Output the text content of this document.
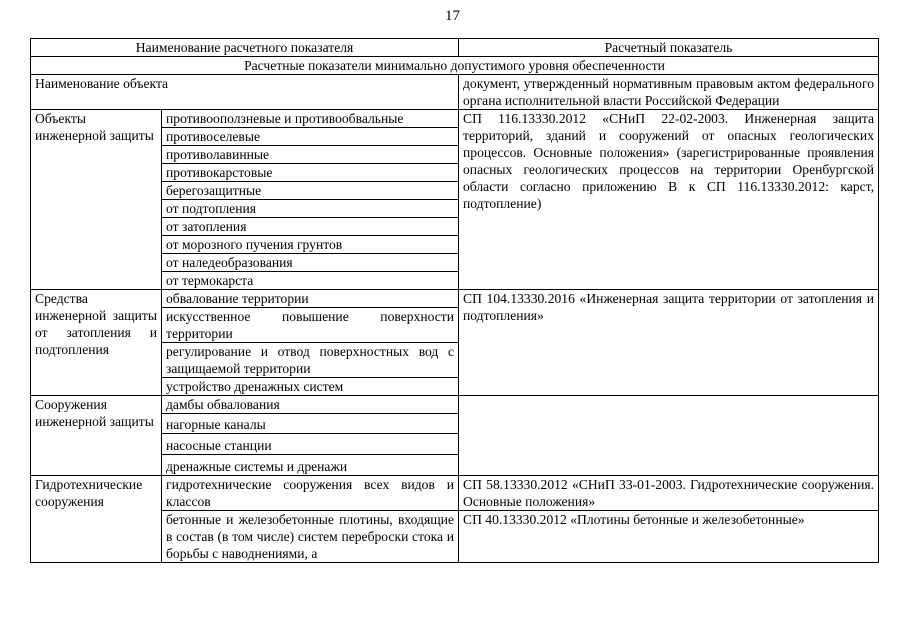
17
Наименование расчетного показателя		Расчетный показатель
Расчетные показатели минимально допустимого уровня обеспеченности		
Наименование объекта		документ, утвержденный нормативным правовым актом федерального органа исполнительной власти Российской Федерации
Объекты инженерной защиты	противооползневые и противообвальные	СП 116.13330.2012 «СНиП 22-02-2003. Инженерная защита территорий, зданий и сооружений от опасных геологических процессов. Основные положения» (зарегистрированные проявления опасных геологических процессов на территории Оренбургской области согласно приложению В к СП 116.13330.2012: карст, подтопление)
	противоселевые	
	противолавинные	
	противокарстовые	
	берегозащитные	
	от подтопления	
	от затопления	
	от морозного пучения грунтов	
	от наледеобразования	
	от термокарста	
Средства инженерной защиты от затопления и подтопления	обвалование территории	СП 104.13330.2016 «Инженерная защита территории от затопления и подтопления»
	искусственное повышение поверхности территории	
	регулирование и отвод поверхностных вод с защищаемой территории	
	устройство дренажных систем	
Сооружения инженерной защиты	дамбы обвалования	
	нагорные каналы	
	насосные станции	
	дренажные системы и дренажи	
Гидротехнические сооружения	гидротехнические сооружения всех видов и классов	СП 58.13330.2012 «СНиП 33-01-2003. Гидротехнические сооружения. Основные положения»
	бетонные и железобетонные плотины, входящие в состав (в том числе) систем переброски стока и борьбы с наводнениями, а	СП 40.13330.2012 «Плотины бетонные и железобетонные»
